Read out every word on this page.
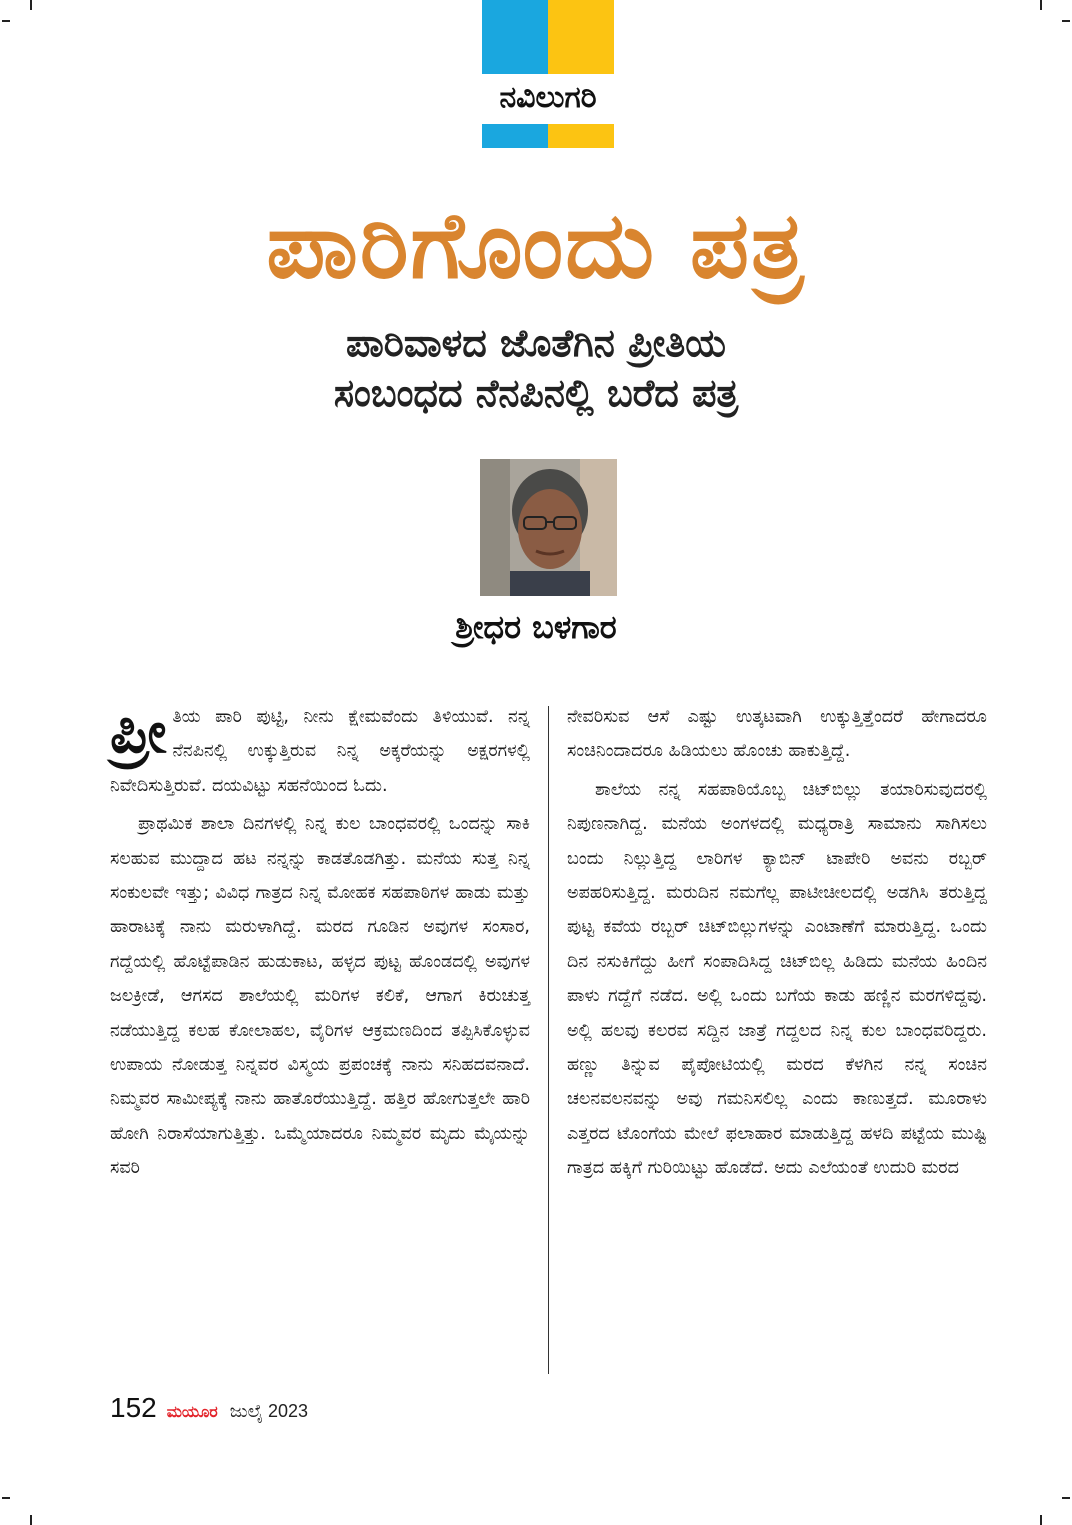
ನವಿಲುಗರಿ
ಪಾರಿಗೊಂದು ಪತ್ರ
ಪಾರಿವಾಳದ ಜೊತೆಗಿನ ಪ್ರೀತಿಯ
ಸಂಬಂಧದ ನೆನಪಿನಲ್ಲಿ ಬರೆದ ಪತ್ರ
ಶ್ರೀಧರ ಬಳಗಾರ

ಪ್ರೀ ತಿಯ ಪಾರಿ ಪುಟ್ಟಿ, ನೀನು ಕ್ಷೇಮವೆಂದು ತಿಳಿಯುವೆ. ನನ್ನ ನೆನಪಿನಲ್ಲಿ ಉಕ್ಕುತ್ತಿರುವ ನಿನ್ನ ಅಕ್ಕರೆಯನ್ನು ಅಕ್ಷರಗಳಲ್ಲಿ ನಿವೇದಿಸುತ್ತಿರುವೆ. ದಯವಿಟ್ಟು ಸಹನೆಯಿಂದ ಓದು.

ಪ್ರಾಥಮಿಕ ಶಾಲಾ ದಿನಗಳಲ್ಲಿ ನಿನ್ನ ಕುಲ ಬಾಂಧವರಲ್ಲಿ ಒಂದನ್ನು ಸಾಕಿ ಸಲಹುವ ಮುದ್ದಾದ ಹಟ ನನ್ನನ್ನು ಕಾಡತೊಡಗಿತ್ತು. ಮನೆಯ ಸುತ್ತ ನಿನ್ನ ಸಂಕುಲವೇ ಇತ್ತು; ವಿವಿಧ ಗಾತ್ರದ ನಿನ್ನ ಮೋಹಕ ಸಹಪಾಠಿಗಳ ಹಾಡು ಮತ್ತು ಹಾರಾಟಕ್ಕೆ ನಾನು ಮರುಳಾಗಿದ್ದೆ. ಮರದ ಗೂಡಿನ ಅವುಗಳ ಸಂಸಾರ, ಗದ್ದೆಯಲ್ಲಿ ಹೊಟ್ಟೆಪಾಡಿನ ಹುಡುಕಾಟ, ಹಳ್ಳದ ಪುಟ್ಟ ಹೊಂಡದಲ್ಲಿ ಅವುಗಳ ಜಲಕ್ರೀಡೆ, ಆಗಸದ ಶಾಲೆಯಲ್ಲಿ ಮರಿಗಳ ಕಲಿಕೆ, ಆಗಾಗ ಕಿರುಚುತ್ತ ನಡೆಯುತ್ತಿದ್ದ ಕಲಹ ಕೋಲಾಹಲ, ವೈರಿಗಳ ಆಕ್ರಮಣದಿಂದ ತಪ್ಪಿಸಿಕೊಳ್ಳುವ ಉಪಾಯ ನೋಡುತ್ತ ನಿನ್ನವರ ವಿಸ್ಮಯ ಪ್ರಪಂಚಕ್ಕೆ ನಾನು ಸನಿಹದವನಾದೆ. ನಿಮ್ಮವರ ಸಾಮೀಪ್ಯಕ್ಕೆ ನಾನು ಹಾತೊರೆಯುತ್ತಿದ್ದೆ. ಹತ್ತಿರ ಹೋಗುತ್ತಲೇ ಹಾರಿ ಹೋಗಿ ನಿರಾಸೆಯಾಗುತ್ತಿತ್ತು. ಒಮ್ಮೆಯಾದರೂ ನಿಮ್ಮವರ ಮೃದು ಮೈಯನ್ನು ಸವರಿ

ನೇವರಿಸುವ ಆಸೆ ಎಷ್ಟು ಉತ್ಕಟವಾಗಿ ಉಕ್ಕುತ್ತಿತ್ತೆಂದರೆ ಹೇಗಾದರೂ ಸಂಚಿನಿಂದಾದರೂ ಹಿಡಿಯಲು ಹೊಂಚು ಹಾಕುತ್ತಿದ್ದೆ.

ಶಾಲೆಯ ನನ್ನ ಸಹಪಾಠಿಯೊಬ್ಬ ಚಿಟ್‌ಬಿಲ್ಲು ತಯಾರಿಸುವುದರಲ್ಲಿ ನಿಪುಣನಾಗಿದ್ದ. ಮನೆಯ ಅಂಗಳದಲ್ಲಿ ಮಧ್ಯರಾತ್ರಿ ಸಾಮಾನು ಸಾಗಿಸಲು ಬಂದು ನಿಲ್ಲುತ್ತಿದ್ದ ಲಾರಿಗಳ ಕ್ಯಾಬಿನ್ ಟಾಪೇರಿ ಅವನು ರಬ್ಬರ್ ಅಪಹರಿಸುತ್ತಿದ್ದ. ಮರುದಿನ ನಮಗೆಲ್ಲ ಪಾಟೀಚೀಲದಲ್ಲಿ ಅಡಗಿಸಿ ತರುತ್ತಿದ್ದ ಪುಟ್ಟ ಕವೆಯ ರಬ್ಬರ್ ಚಿಟ್‌ಬಿಲ್ಲುಗಳನ್ನು ಎಂಟಾಣೆಗೆ ಮಾರುತ್ತಿದ್ದ. ಒಂದು ದಿನ ನಸುಕಿಗೆದ್ದು ಹೀಗೆ ಸಂಪಾದಿಸಿದ್ದ ಚಿಟ್‌ಬಿಲ್ಲ ಹಿಡಿದು ಮನೆಯ ಹಿಂದಿನ ಪಾಳು ಗದ್ದೆಗೆ ನಡೆದ. ಅಲ್ಲಿ ಒಂದು ಬಗೆಯ ಕಾಡು ಹಣ್ಣಿನ ಮರಗಳಿದ್ದವು. ಅಲ್ಲಿ ಹಲವು ಕಲರವ ಸದ್ದಿನ ಜಾತ್ರೆ ಗದ್ದಲದ ನಿನ್ನ ಕುಲ ಬಾಂಧವರಿದ್ದರು. ಹಣ್ಣು ತಿನ್ನುವ ಪೈಪೋಟಿಯಲ್ಲಿ ಮರದ ಕೆಳಗಿನ ನನ್ನ ಸಂಚಿನ ಚಲನವಲನವನ್ನು ಅವು ಗಮನಿಸಲಿಲ್ಲ ಎಂದು ಕಾಣುತ್ತದೆ. ಮೂರಾಳು ಎತ್ತರದ ಟೊಂಗೆಯ ಮೇಲೆ ಫಲಾಹಾರ ಮಾಡುತ್ತಿದ್ದ ಹಳದಿ ಪಟ್ಟೆಯ ಮುಷ್ಟಿ ಗಾತ್ರದ ಹಕ್ಕಿಗೆ ಗುರಿಯಿಟ್ಟು ಹೊಡೆದೆ. ಅದು ಎಲೆಯಂತೆ ಉದುರಿ ಮರದ

152 ಮಯೂರ ಜುಲೈ 2023
